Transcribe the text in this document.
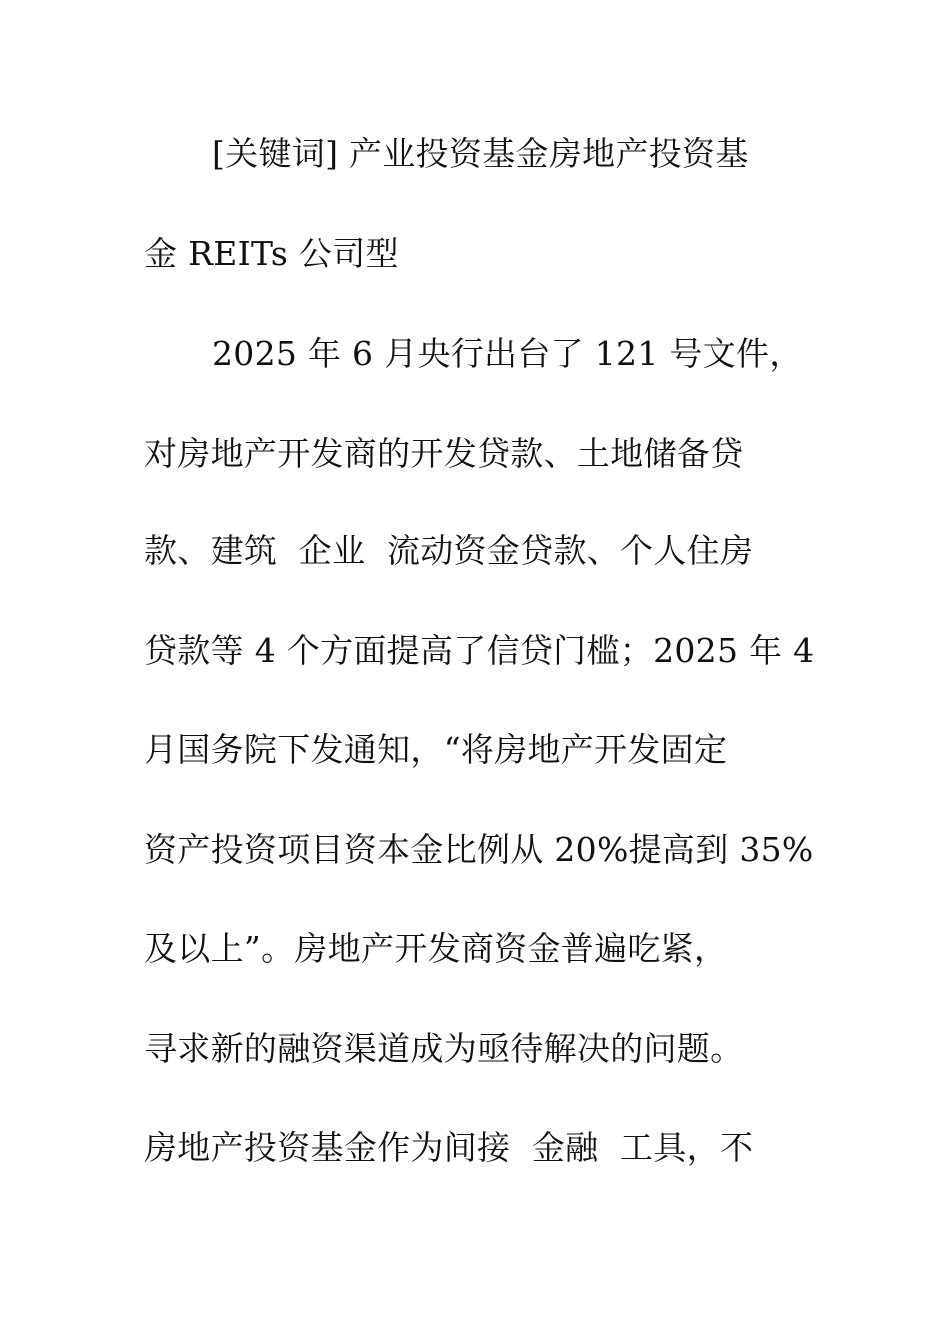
[关键词] 产业投资基金房地产投资基
金 REITs 公司型
2025 年 6 月央行出台了 121 号文件，
对房地产开发商的开发贷款、土地储备贷
款、建筑  企业  流动资金贷款、个人住房
贷款等 4 个方面提高了信贷门槛；2025 年 4
月国务院下发通知，“将房地产开发固定
资产投资项目资本金比例从 20%提高到 35%
及以上”。房地产开发商资金普遍吃紧，
寻求新的融资渠道成为亟待解决的问题。
房地产投资基金作为间接  金融  工具，不
